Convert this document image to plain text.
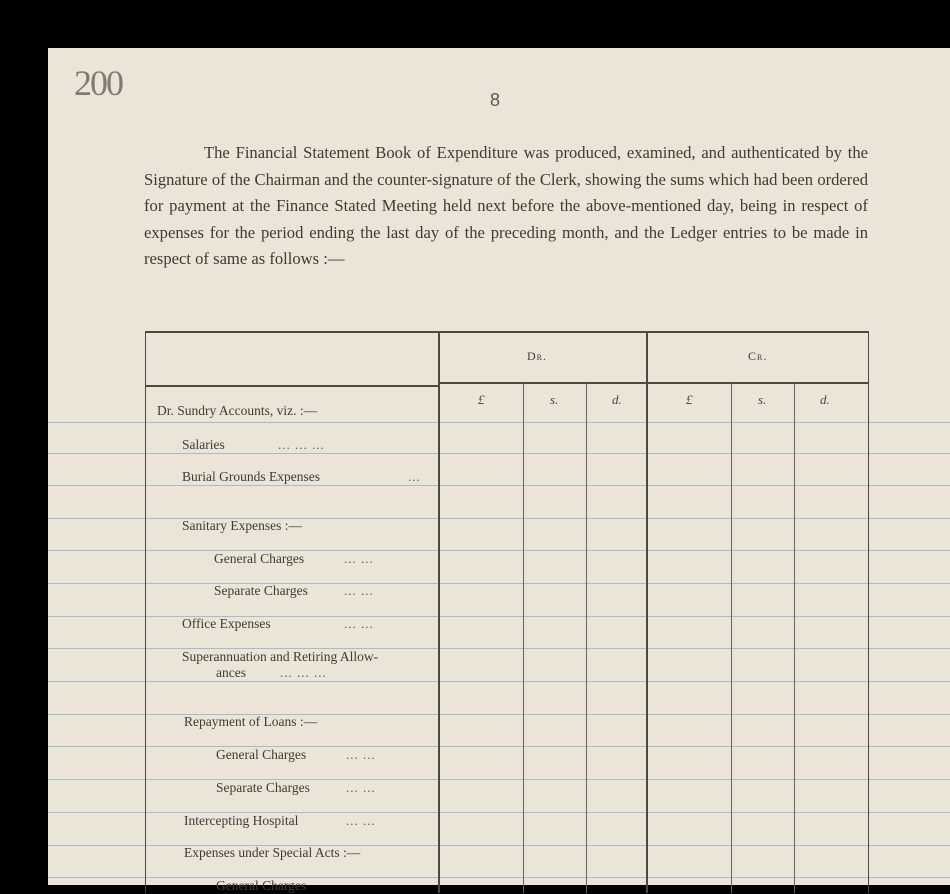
200	8
The Financial Statement Book of Expenditure was produced, examined, and authenticated by the Signature of the Chairman and the counter-signature of the Clerk, showing the sums which had been ordered for payment at the Finance Stated Meeting held next before the above-mentioned day, being in respect of expenses for the period ending the last day of the preceding month, and the Ledger entries to be made in respect of same as follows :—
Dr.	Cr.
£	s.	d.	£	s.	d.
Dr. Sundry Accounts, viz. :—
Salaries	... ... ...
Burial Grounds Expenses	...
Sanitary Expenses :—
General Charges	... ...
Separate Charges	... ...
Office Expenses	... ...
Superannuation and Retiring Allow-
ances	... ... ...
Repayment of Loans :—
General Charges	... ...
Separate Charges	... ...
Intercepting Hospital	... ...
Expenses under Special Acts :—
General Charges
